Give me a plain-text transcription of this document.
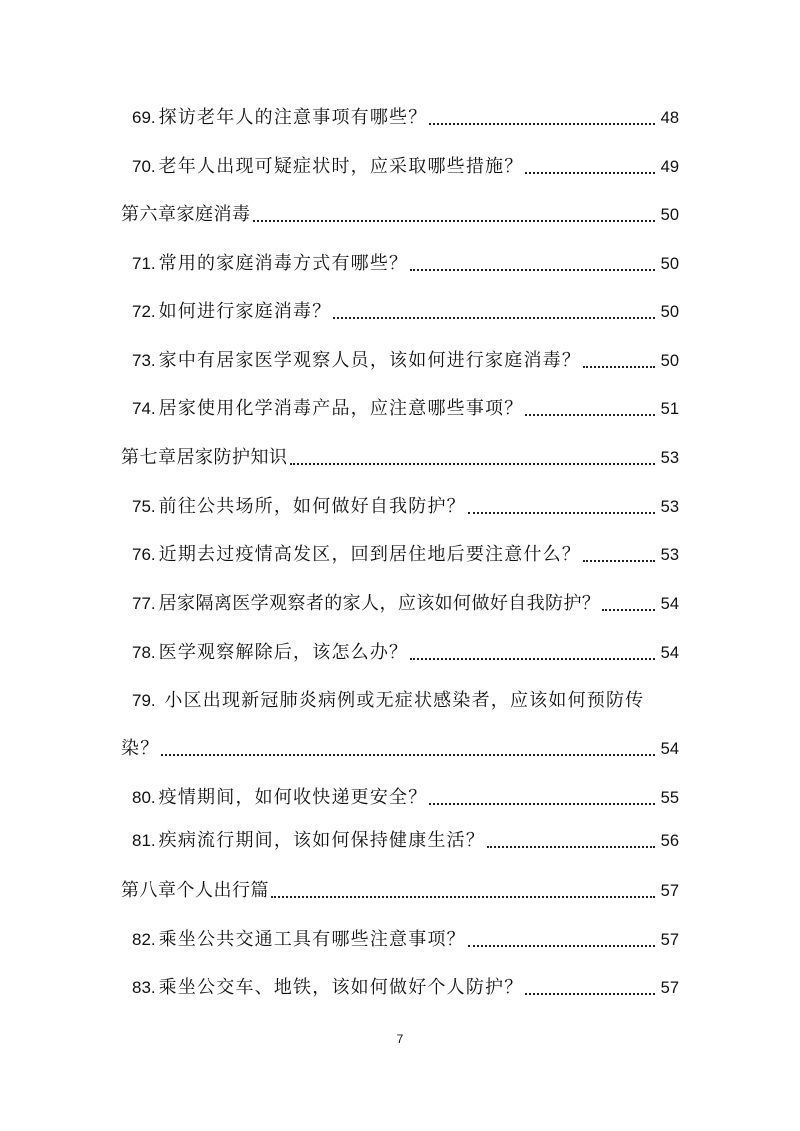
69. 探访老年人的注意事项有哪些？	48
70. 老年人出现可疑症状时，应采取哪些措施？	49
第六章 家庭消毒	50
71. 常用的家庭消毒方式有哪些？	50
72. 如何进行家庭消毒？	50
73. 家中有居家医学观察人员，该如何进行家庭消毒？	50
74. 居家使用化学消毒产品，应注意哪些事项？	51
第七章 居家防护知识	53
75. 前往公共场所，如何做好自我防护？	53
76. 近期去过疫情高发区，回到居住地后要注意什么？	53
77. 居家隔离医学观察者的家人，应该如何做好自我防护？	54
78. 医学观察解除后，该怎么办？	54
79. 小区出现新冠肺炎病例或无症状感染者，应该如何预防传
染？	54
80. 疫情期间，如何收快递更安全？	55
81. 疾病流行期间，该如何保持健康生活？	56
第八章 个人出行篇	57
82. 乘坐公共交通工具有哪些注意事项？	57
83. 乘坐公交车、地铁，该如何做好个人防护？	57
7
